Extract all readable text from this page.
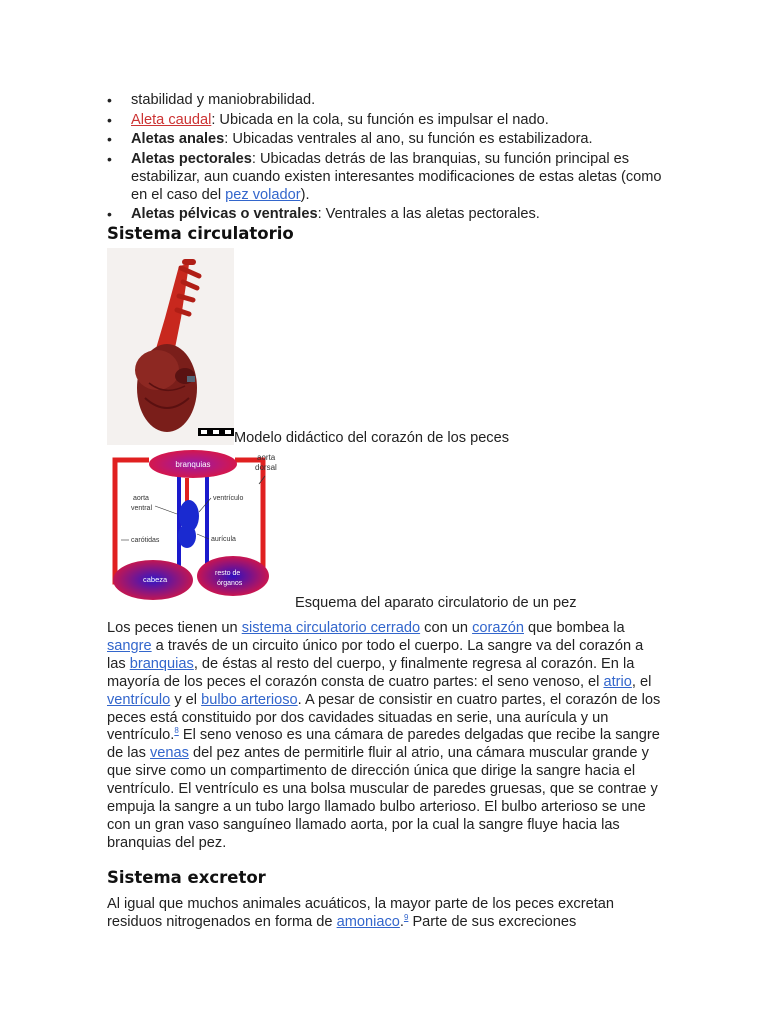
• stabilidad y maniobrabilidad.
• Aleta caudal: Ubicada en la cola, su función es impulsar el nado.
• Aletas anales: Ubicadas ventrales al ano, su función es estabilizadora.
• Aletas pectorales: Ubicadas detrás de las branquias, su función principal es estabilizar, aun cuando existen interesantes modificaciones de estas aletas (como en el caso del pez volador).
• Aletas pélvicas o ventrales: Ventrales a las aletas pectorales.
Sistema circulatorio
Modelo didáctico del corazón de los peces
branquias
aorta
dorsal
aorta
ventral
ventrículo
carótidas	aurícula
cabeza
resto de
órganos
Esquema del aparato circulatorio de un pez
Los peces tienen un sistema circulatorio cerrado con un corazón que bombea la sangre a través de un circuito único por todo el cuerpo. La sangre va del corazón a las branquias, de éstas al resto del cuerpo, y finalmente regresa al corazón. En la mayoría de los peces el corazón consta de cuatro partes: el seno venoso, el atrio, el ventrículo y el bulbo arterioso. A pesar de consistir en cuatro partes, el corazón de los peces está constituido por dos cavidades situadas en serie, una aurícula y un ventrículo.$^8$ El seno venoso es una cámara de paredes delgadas que recibe la sangre de las venas del pez antes de permitirle fluir al atrio, una cámara muscular grande y que sirve como un compartimento de dirección única que dirige la sangre hacia el ventrículo. El ventrículo es una bolsa muscular de paredes gruesas, que se contrae y empuja la sangre a un tubo largo llamado bulbo arterioso. El bulbo arterioso se une con un gran vaso sanguíneo llamado aorta, por la cual la sangre fluye hacia las branquias del pez.
Sistema excretor
Al igual que muchos animales acuáticos, la mayor parte de los peces excretan residuos nitrogenados en forma de amoniaco.$^9$ Parte de sus excreciones
